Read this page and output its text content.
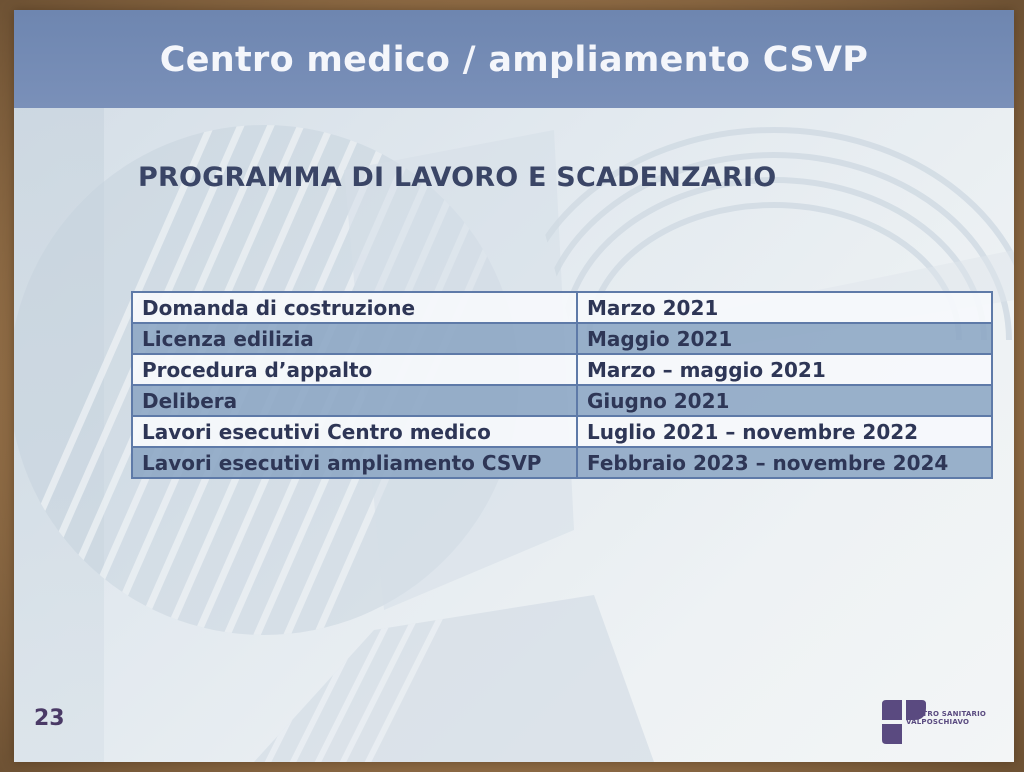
Centro medico / ampliamento CSVP
PROGRAMMA DI LAVORO E SCADENZARIO
Domanda di costruzione	Marzo 2021
Licenza edilizia	Maggio 2021
Procedura d’appalto	Marzo – maggio 2021
Delibera	Giugno 2021
Lavori esecutivi Centro medico	Luglio 2021 – novembre 2022
Lavori esecutivi ampliamento CSVP	Febbraio 2023 – novembre 2024
23	CENTRO SANITARIO
VALPOSCHIAVO
